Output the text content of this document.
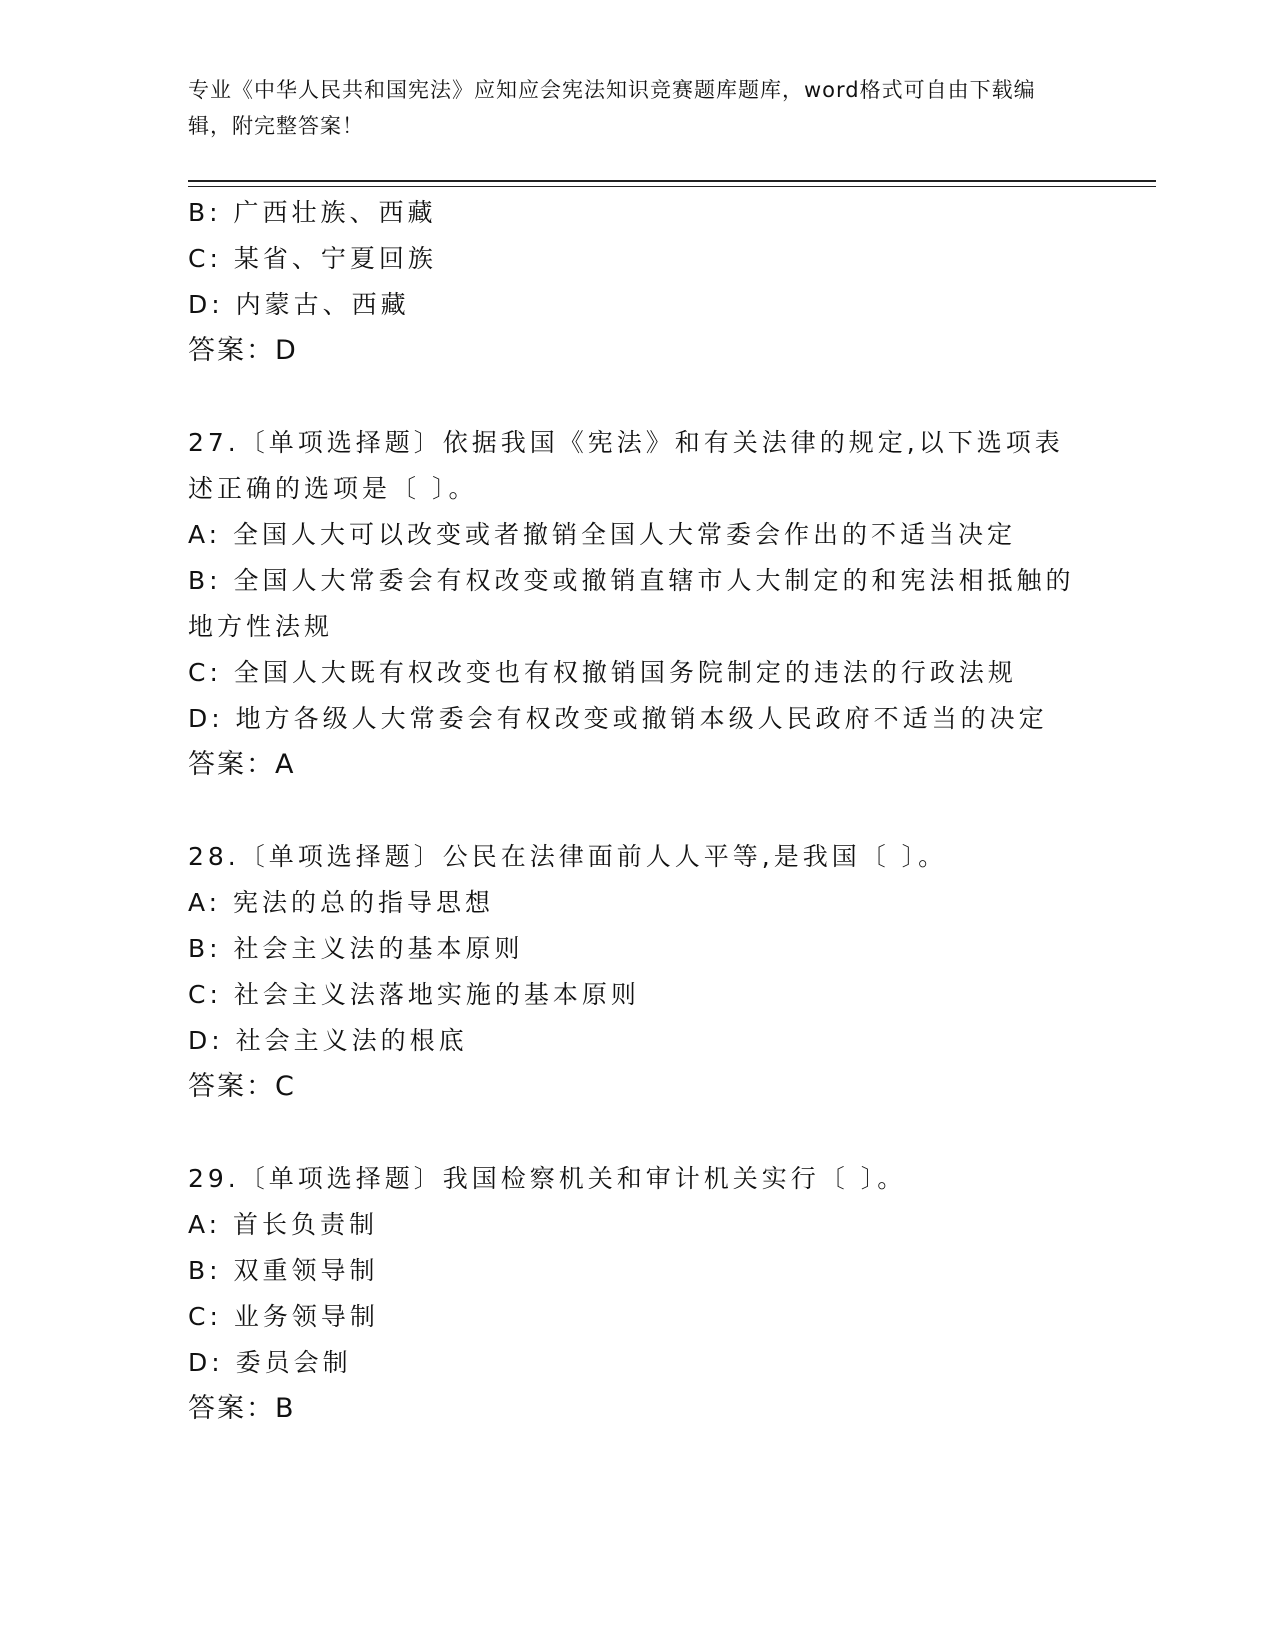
专业《中华人民共和国宪法》应知应会宪法知识竞赛题库题库，word格式可自由下载编辑，附完整答案！
B: 广西壮族、西藏
C: 某省、宁夏回族
D: 内蒙古、西藏
答案：D
27.〔单项选择题〕依据我国《宪法》和有关法律的规定,以下选项表
述正确的选项是〔 〕。
A: 全国人大可以改变或者撤销全国人大常委会作出的不适当决定
B: 全国人大常委会有权改变或撤销直辖市人大制定的和宪法相抵触的
地方性法规
C: 全国人大既有权改变也有权撤销国务院制定的违法的行政法规
D: 地方各级人大常委会有权改变或撤销本级人民政府不适当的决定
答案：A
28.〔单项选择题〕公民在法律面前人人平等,是我国〔 〕。
A: 宪法的总的指导思想
B: 社会主义法的基本原则
C: 社会主义法落地实施的基本原则
D: 社会主义法的根底
答案：C
29.〔单项选择题〕我国检察机关和审计机关实行〔 〕。
A: 首长负责制
B: 双重领导制
C: 业务领导制
D: 委员会制
答案：B
